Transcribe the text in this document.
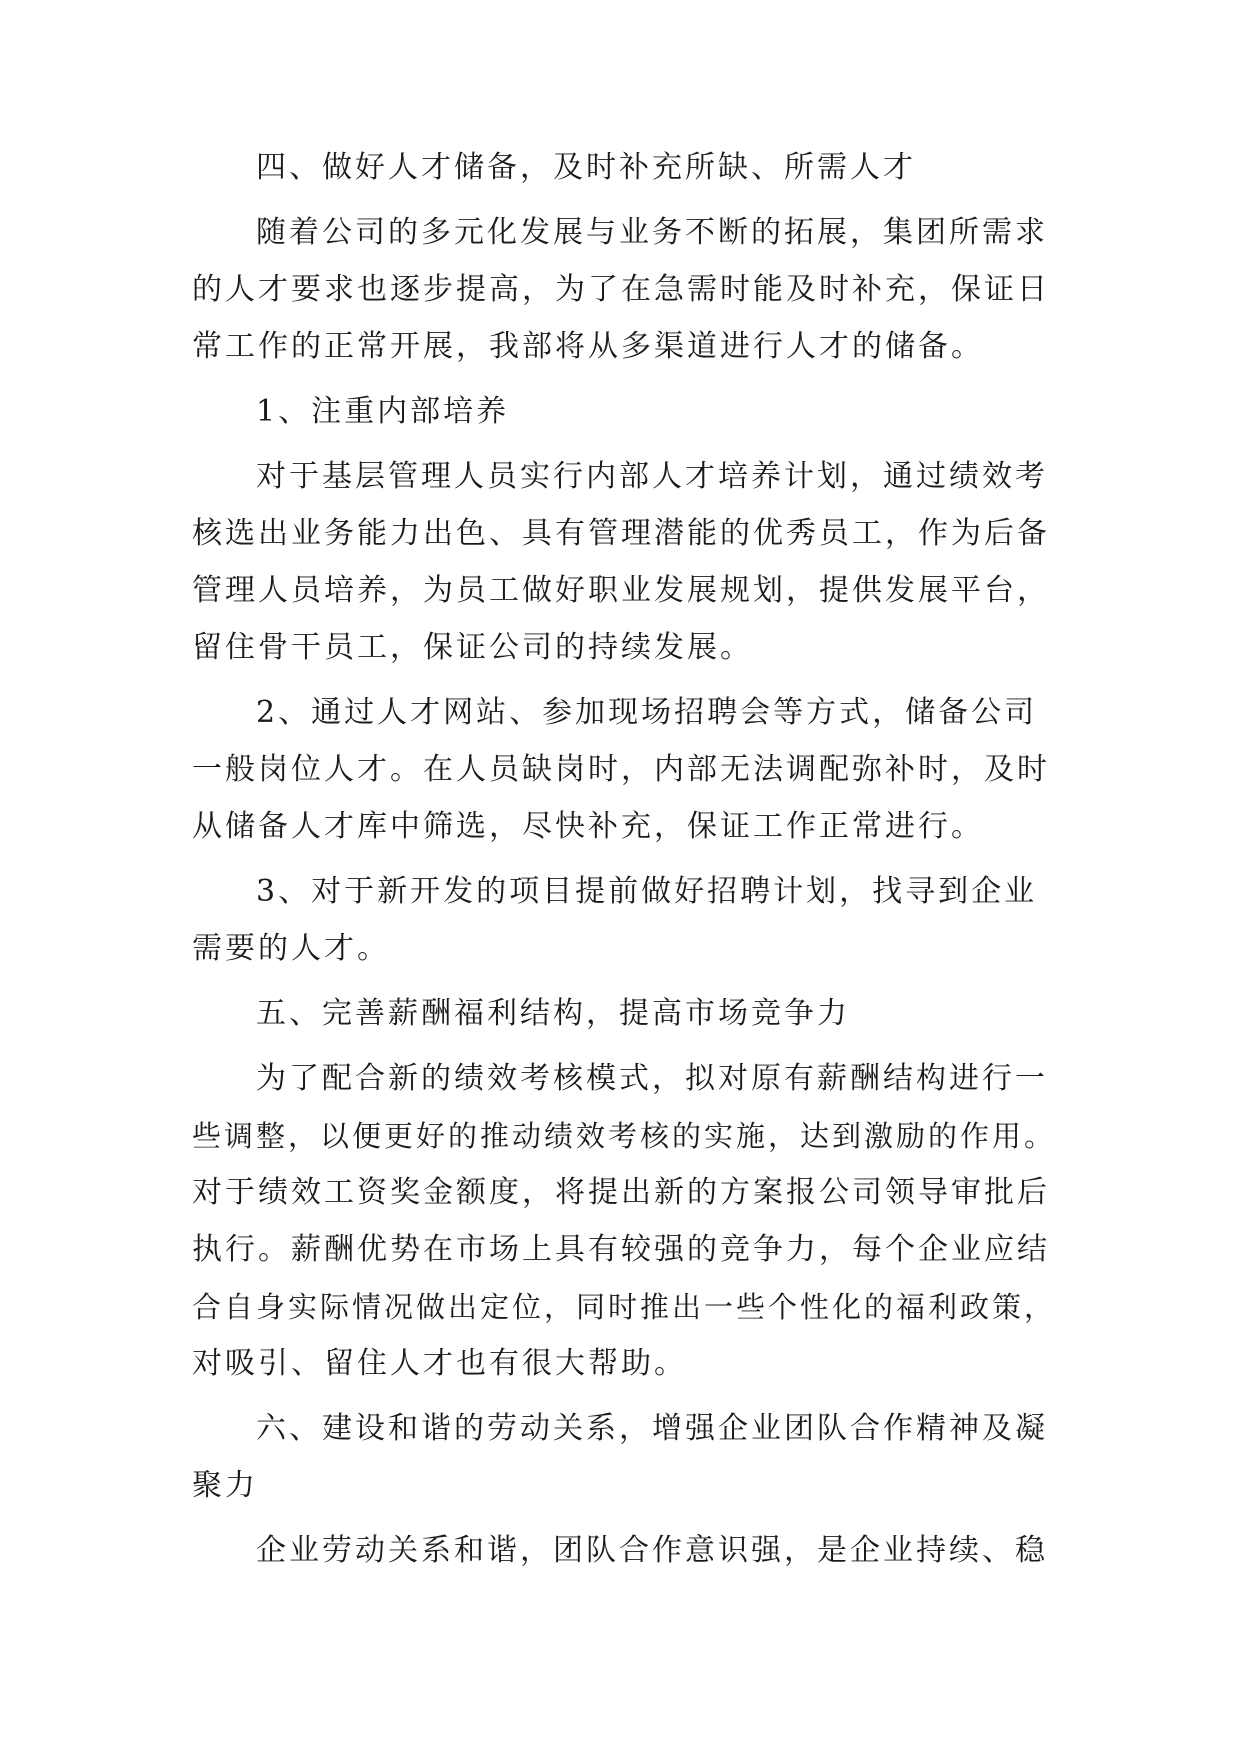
四、做好人才储备，及时补充所缺、所需人才
随着公司的多元化发展与业务不断的拓展，集团所需求
的人才要求也逐步提高，为了在急需时能及时补充，保证日
常工作的正常开展，我部将从多渠道进行人才的储备。
1、注重内部培养
对于基层管理人员实行内部人才培养计划，通过绩效考
核选出业务能力出色、具有管理潜能的优秀员工，作为后备
管理人员培养，为员工做好职业发展规划，提供发展平台，
留住骨干员工，保证公司的持续发展。
2、通过人才网站、参加现场招聘会等方式，储备公司
一般岗位人才。在人员缺岗时，内部无法调配弥补时，及时
从储备人才库中筛选，尽快补充，保证工作正常进行。
3、对于新开发的项目提前做好招聘计划，找寻到企业
需要的人才。
五、完善薪酬福利结构，提高市场竞争力
为了配合新的绩效考核模式，拟对原有薪酬结构进行一
些调整，以便更好的推动绩效考核的实施，达到激励的作用。
对于绩效工资奖金额度，将提出新的方案报公司领导审批后
执行。薪酬优势在市场上具有较强的竞争力，每个企业应结
合自身实际情况做出定位，同时推出一些个性化的福利政策，
对吸引、留住人才也有很大帮助。
六、建设和谐的劳动关系，增强企业团队合作精神及凝
聚力
企业劳动关系和谐，团队合作意识强，是企业持续、稳
